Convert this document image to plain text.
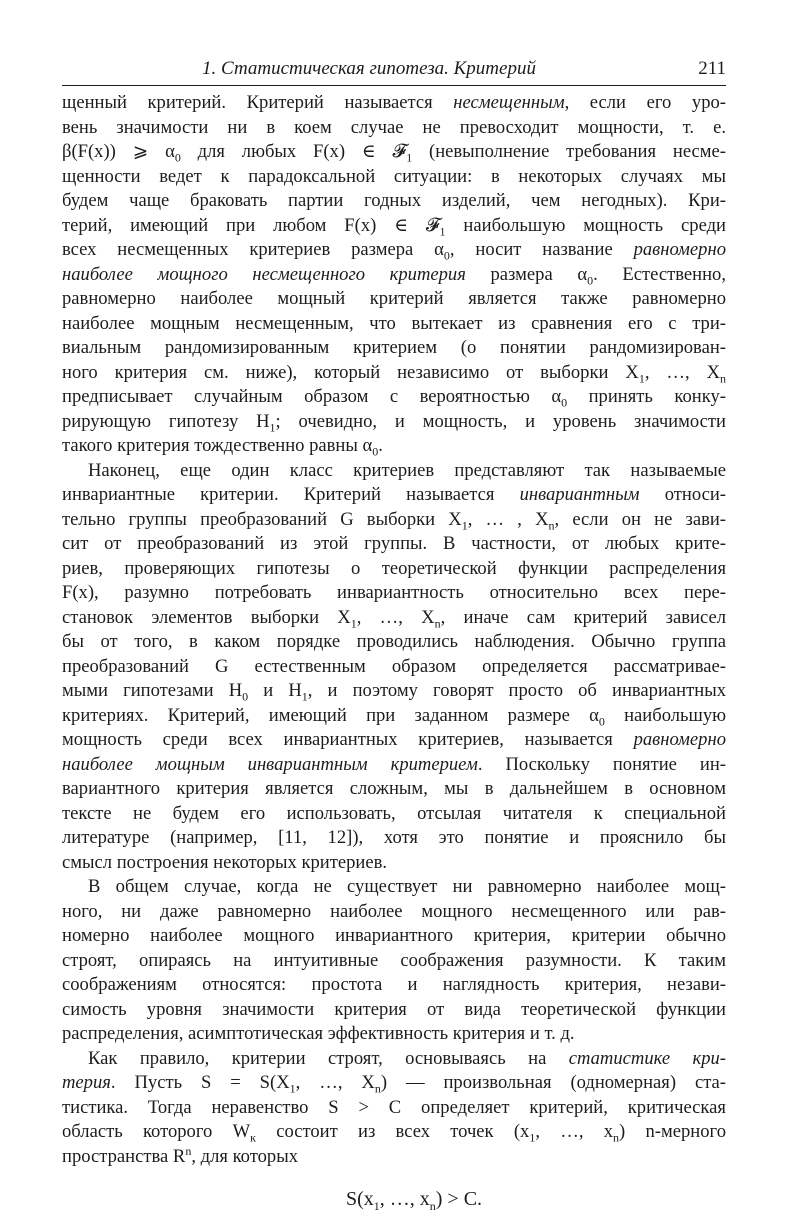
1. Статистическая гипотеза. Критерий	211
щенный критерий. Критерий называется несмещенным, если его уро-
вень значимости ни в коем случае не превосходит мощности, т. е.
β(F(x)) ⩾ $\alpha_0$ для любых F(x) ∈ 𝓕$_1$ (невыполнение требования несме-
щенности ведет к парадоксальной ситуации: в некоторых случаях мы
будем чаще браковать партии годных изделий, чем негодных). Кри-
терий, имеющий при любом F(x) ∈ 𝓕$_1$ наибольшую мощность среди
всех несмещенных критериев размера $\alpha_0$, носит название равномерно
наиболее мощного несмещенного критерия размера $\alpha_0$. Естественно,
равномерно наиболее мощный критерий является также равномерно
наиболее мощным несмещенным, что вытекает из сравнения его с три-
виальным рандомизированным критерием (о понятии рандомизирован-
ного критерия см. ниже), который независимо от выборки $X_1$, …, $X_n$
предписывает случайным образом с вероятностью $\alpha_0$ принять конку-
рирующую гипотезу $H_1$; очевидно, и мощность, и уровень значимости
такого критерия тождественно равны $\alpha_0$.
Наконец, еще один класс критериев представляют так называемые
инвариантные критерии. Критерий называется инвариантным относи-
тельно группы преобразований G выборки $X_1$, … , $X_n$, если он не зави-
сит от преобразований из этой группы. В частности, от любых крите-
риев, проверяющих гипотезы о теоретической функции распределения
F(x), разумно потребовать инвариантность относительно всех пере-
становок элементов выборки $X_1$, …, $X_n$, иначе сам критерий зависел
бы от того, в каком порядке проводились наблюдения. Обычно группа
преобразований G естественным образом определяется рассматривае-
мыми гипотезами $H_0$ и $H_1$, и поэтому говорят просто об инвариантных
критериях. Критерий, имеющий при заданном размере $\alpha_0$ наибольшую
мощность среди всех инвариантных критериев, называется равномерно
наиболее мощным инвариантным критерием. Поскольку понятие ин-
вариантного критерия является сложным, мы в дальнейшем в основном
тексте не будем его использовать, отсылая читателя к специальной
литературе (например, [11, 12]), хотя это понятие и прояснило бы
смысл построения некоторых критериев.
В общем случае, когда не существует ни равномерно наиболее мощ-
ного, ни даже равномерно наиболее мощного несмещенного или рав-
номерно наиболее мощного инвариантного критерия, критерии обычно
строят, опираясь на интуитивные соображения разумности. К таким
соображениям относятся: простота и наглядность критерия, незави-
симость уровня значимости критерия от вида теоретической функции
распределения, асимптотическая эффективность критерия и т. д.
Как правило, критерии строят, основываясь на статистике кри-
терия. Пусть $S = S(X_1$, …, $X_n$) — произвольная (одномерная) ста-
тистика. Тогда неравенство S > C определяет критерий, критическая
область которого $W_к$ состоит из всех точек ($x_1$, …, $x_n$) n-мерного
пространства $R^n$, для которых
$S(x_1$, …, $x_n) > C$.
